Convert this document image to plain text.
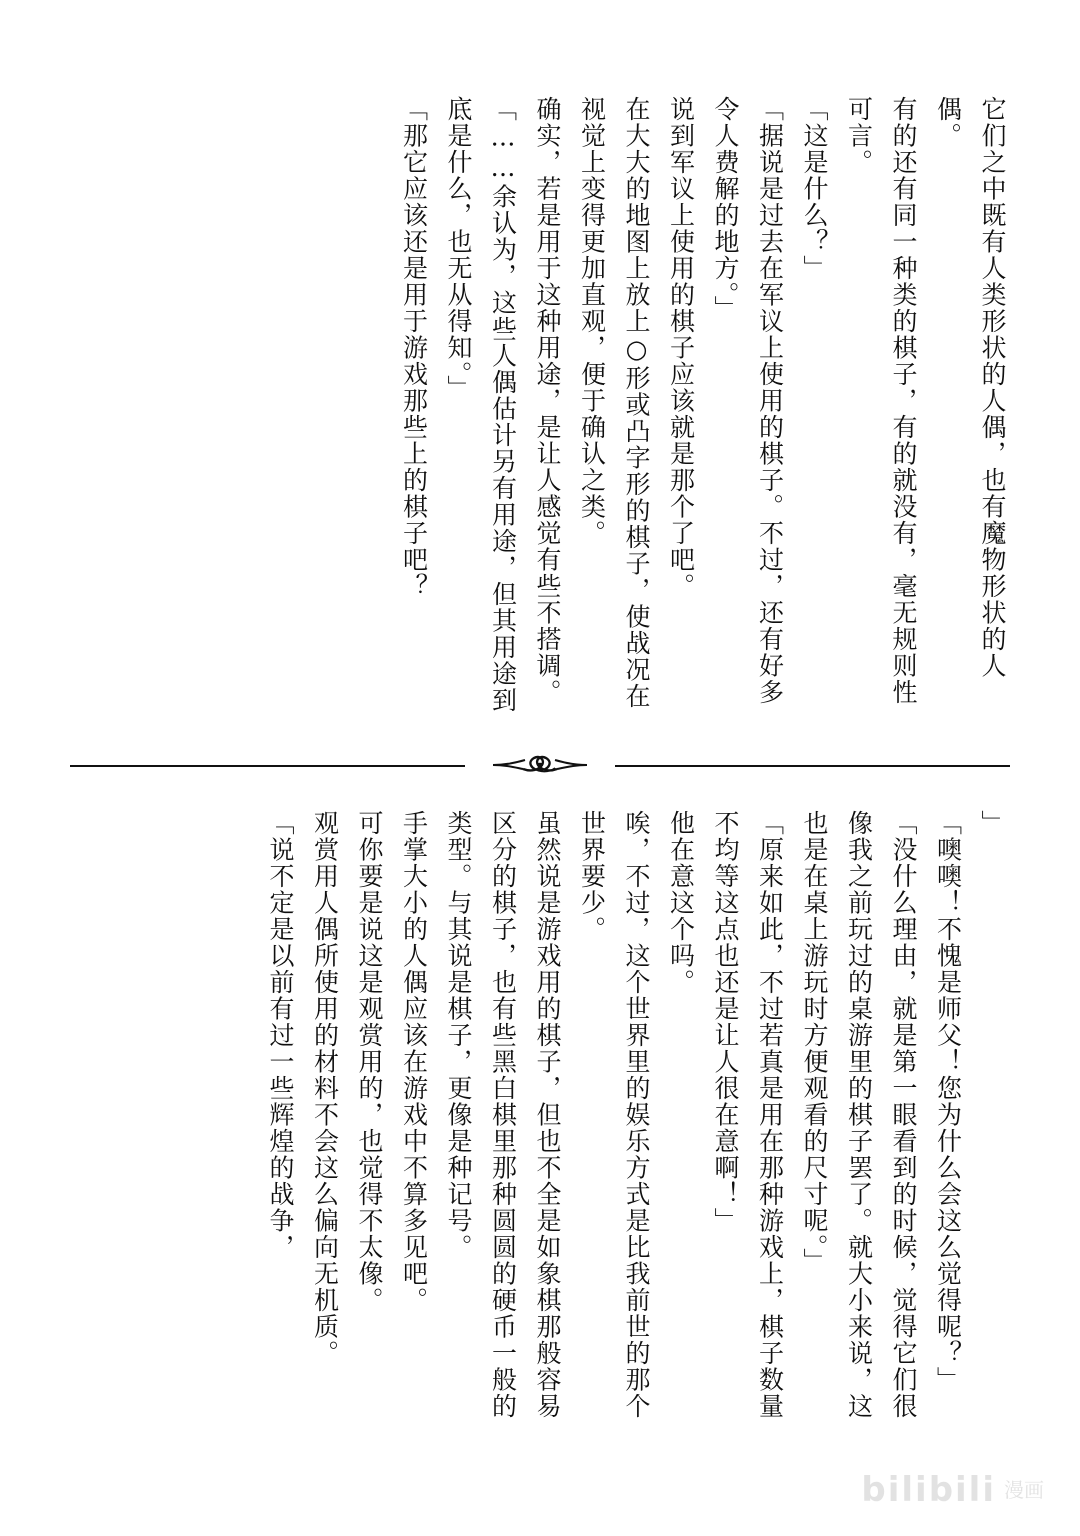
它们之中既有人类形状的人偶，也有魔物形状的人偶。
有的还有同一种类的棋子，有的就没有，毫无规则性可言。
「这是什么？」
「据说是过去在军议上使用的棋子。不过，还有好多令人费解的地方。」
说到军议上使用的棋子应该就是那个了吧。
在大大的地图上放上○形或凸字形的棋子，使战况在视觉上变得更加直观，便于确认之类。
确实，若是用于这种用途，是让人感觉有些不搭调。
「……余认为，这些人偶估计另有用途，但其用途到底是什么，也无从得知。」
「那它应该还是用于游戏那些上的棋子吧？

」
「噢噢！不愧是师父！您为什么会这么觉得呢？」
「没什么理由，就是第一眼看到的时候，觉得它们很像我之前玩过的桌游里的棋子罢了。就大小来说，这也是在桌上游玩时方便观看的尺寸呢。」
「原来如此，不过若真是用在那种游戏上，棋子数量不均等这点也还是让人很在意啊！」
他在意这个吗。
唉，不过，这个世界里的娱乐方式是比我前世的那个世界要少。
虽然说是游戏用的棋子，但也不全是如象棋那般容易区分的棋子，也有些黑白棋里那种圆圆的硬币一般的类型。与其说是棋子，更像是种记号。
手掌大小的人偶应该在游戏中不算多见吧。
可你要是说这是观赏用的，也觉得不太像。
观赏用人偶所使用的材料不会这么偏向无机质。
「说不定是以前有过一些辉煌的战争，

bilibili 漫画
